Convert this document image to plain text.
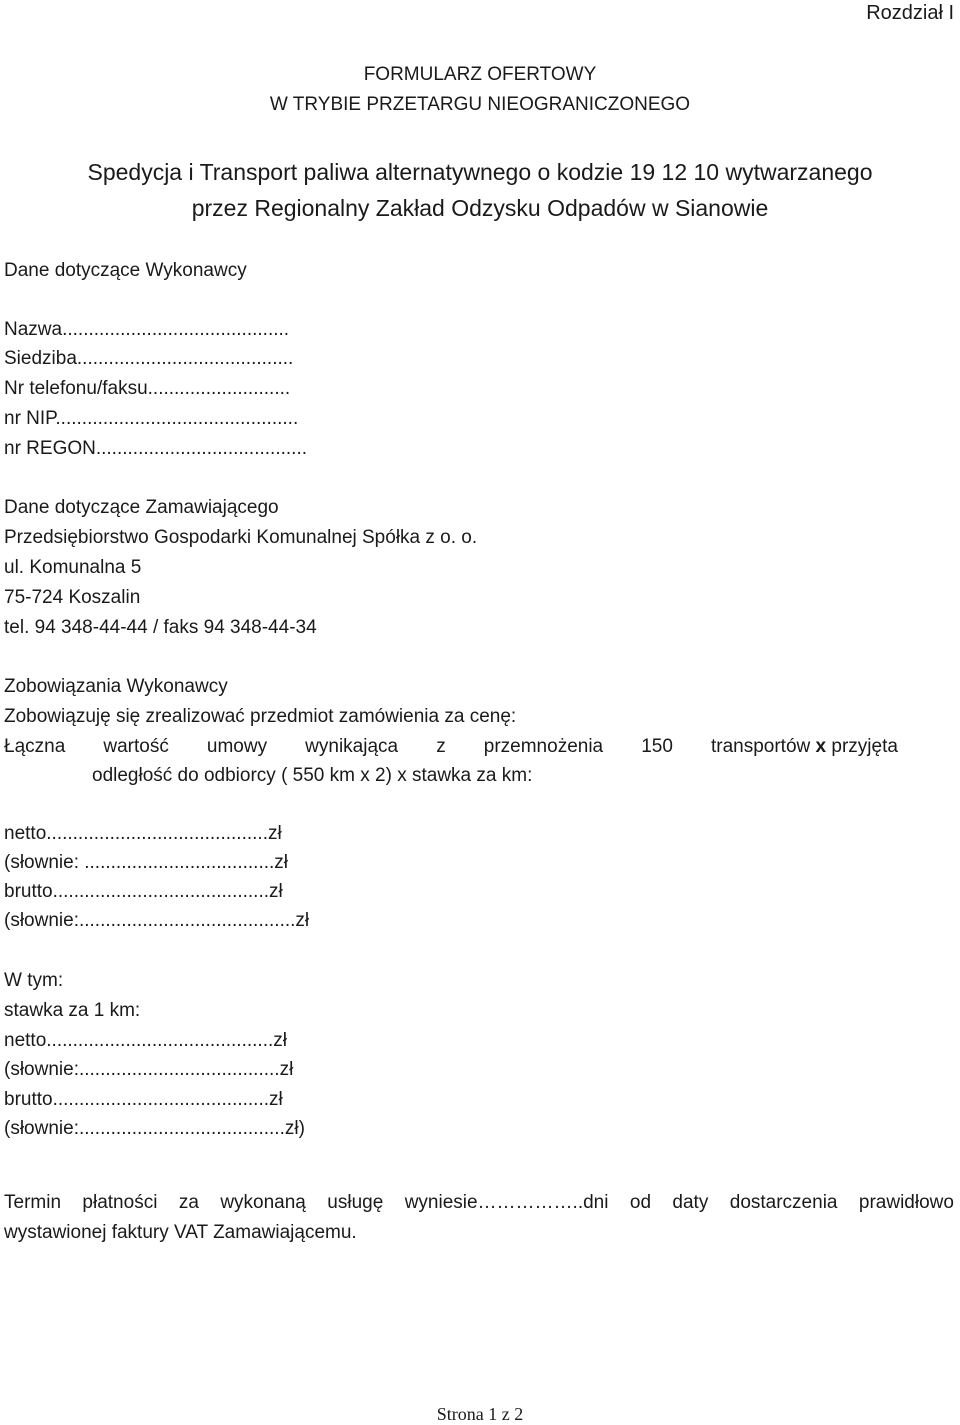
Rozdział I
FORMULARZ OFERTOWY
W TRYBIE PRZETARGU NIEOGRANICZONEGO
Spedycja i Transport paliwa alternatywnego o kodzie 19 12 10 wytwarzanego
przez Regionalny Zakład Odzysku Odpadów w Sianowie
Dane dotyczące Wykonawcy
Nazwa...........................................
Siedziba.........................................
Nr telefonu/faksu...........................
nr NIP..............................................
nr REGON........................................
Dane dotyczące Zamawiającego
Przedsiębiorstwo Gospodarki Komunalnej Spółka z o. o.
ul. Komunalna 5
75-724 Koszalin
tel. 94 348-44-44 / faks 94 348-44-34
Zobowiązania Wykonawcy
Zobowiązuję się zrealizować przedmiot zamówienia za cenę:
Łączna wartość umowy wynikająca z przemnożenia 150 transportów x przyjęta
odległość do odbiorcy ( 550 km x 2) x stawka za km:
netto..........................................zł
(słownie: ....................................zł
brutto.........................................zł
(słownie:.........................................zł
W tym:
stawka za 1 km:
netto...........................................zł
(słownie:......................................zł
brutto.........................................zł
(słownie:.......................................zł)
Termin płatności za wykonaną usługę wyniesie……………..dni od daty dostarczenia prawidłowo
wystawionej faktury VAT Zamawiającemu.
Strona 1 z 2
